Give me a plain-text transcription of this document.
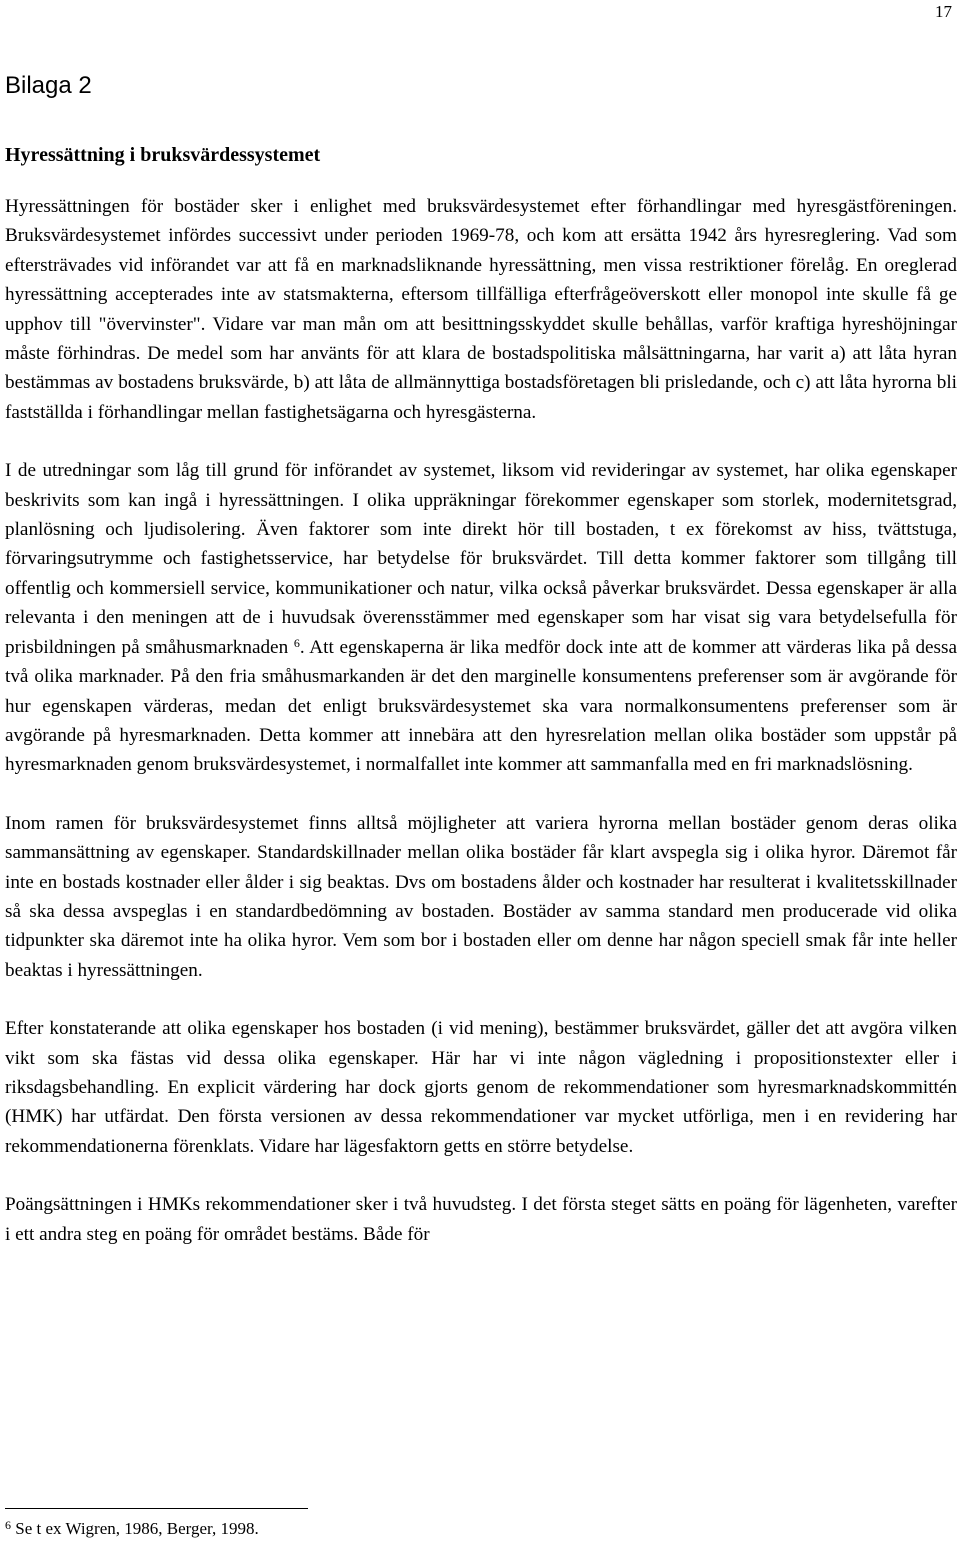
17
Bilaga 2
Hyressättning i bruksvärdessystemet

Hyressättningen för bostäder sker i enlighet med bruksvärdesystemet efter förhandlingar med hyresgästföreningen. Bruksvärdesystemet infördes successivt under perioden 1969-78, och kom att ersätta 1942 års hyresreglering. Vad som eftersträvades vid införandet var att få en marknadsliknande hyressättning, men vissa restriktioner förelåg. En oreglerad hyressättning accepterades inte av statsmakterna, eftersom tillfälliga efterfrågeöverskott eller monopol inte skulle få ge upphov till "övervinster". Vidare var man mån om att besittningsskyddet skulle behållas, varför kraftiga hyreshöjningar måste förhindras. De medel som har använts för att klara de bostadspolitiska målsättningarna, har varit a) att låta hyran bestämmas av bostadens bruksvärde, b) att låta de allmännyttiga bostadsföretagen bli prisledande, och c) att låta hyrorna bli fastställda i förhandlingar mellan fastighetsägarna och hyresgästerna.

I de utredningar som låg till grund för införandet av systemet, liksom vid revideringar av systemet, har olika egenskaper beskrivits som kan ingå i hyressättningen. I olika uppräkningar förekommer egenskaper som storlek, modernitetsgrad, planlösning och ljudisolering. Även faktorer som inte direkt hör till bostaden, t ex förekomst av hiss, tvättstuga, förvaringsutrymme och fastighetsservice, har betydelse för bruksvärdet. Till detta kommer faktorer som tillgång till offentlig och kommersiell service, kommunikationer och natur, vilka också påverkar bruksvärdet. Dessa egenskaper är alla relevanta i den meningen att de i huvudsak överensstämmer med egenskaper som har visat sig vara betydelsefulla för prisbildningen på småhusmarknaden $^6$. Att egenskaperna är lika medför dock inte att de kommer att värderas lika på dessa två olika marknader. På den fria småhusmarkanden är det den marginelle konsumentens preferenser som är avgörande för hur egenskapen värderas, medan det enligt bruksvärdesystemet ska vara normalkonsumentens preferenser som är avgörande på hyresmarknaden. Detta kommer att innebära att den hyresrelation mellan olika bostäder som uppstår på hyresmarknaden genom bruksvärdesystemet, i normalfallet inte kommer att sammanfalla med en fri marknadslösning.

Inom ramen för bruksvärdesystemet finns alltså möjligheter att variera hyrorna mellan bostäder genom deras olika sammansättning av egenskaper. Standardskillnader mellan olika bostäder får klart avspegla sig i olika hyror. Däremot får inte en bostads kostnader eller ålder i sig beaktas. Dvs om bostadens ålder och kostnader har resulterat i kvalitetsskillnader så ska dessa avspeglas i en standardbedömning av bostaden. Bostäder av samma standard men producerade vid olika tidpunkter ska däremot inte ha olika hyror. Vem som bor i bostaden eller om denne har någon speciell smak får inte heller beaktas i hyressättningen.

Efter konstaterande att olika egenskaper hos bostaden (i vid mening), bestämmer bruksvärdet, gäller det att avgöra vilken vikt som ska fästas vid dessa olika egenskaper. Här har vi inte någon vägledning i propositionstexter eller i riksdagsbehandling. En explicit värdering har dock gjorts genom de rekommendationer som hyresmarknadskommittén (HMK) har utfärdat. Den första versionen av dessa rekommendationer var mycket utförliga, men i en revidering har rekommendationerna förenklats. Vidare har lägesfaktorn getts en större betydelse.

Poängsättningen i HMKs rekommendationer sker i två huvudsteg. I det första steget sätts en poäng för lägenheten, varefter i ett andra steg en poäng för området bestäms. Både för

$^6$ Se t ex Wigren, 1986, Berger, 1998.
